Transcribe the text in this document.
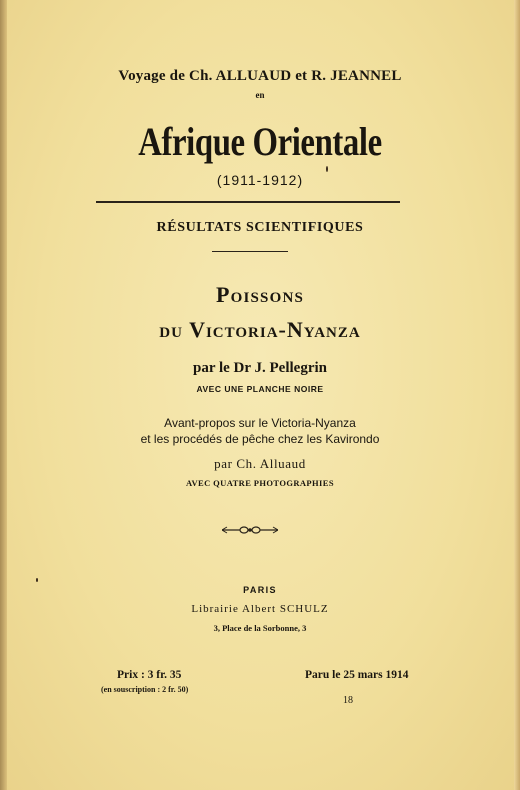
Voyage de Ch. ALLUAUD et R. JEANNEL
en
Afrique Orientale
(1911-1912)
RÉSULTATS SCIENTIFIQUES
Poissons
du Victoria-Nyanza
par le Dr J. Pellegrin
AVEC UNE PLANCHE NOIRE
Avant-propos sur le Victoria-Nyanza
et les procédés de pêche chez les Kavirondo
par Ch. Alluaud
AVEC QUATRE PHOTOGRAPHIES
PARIS
Librairie Albert SCHULZ
3, Place de la Sorbonne, 3
Prix : 3 fr. 35
(en souscription : 2 fr. 50)
Paru le 25 mars 1914
18
